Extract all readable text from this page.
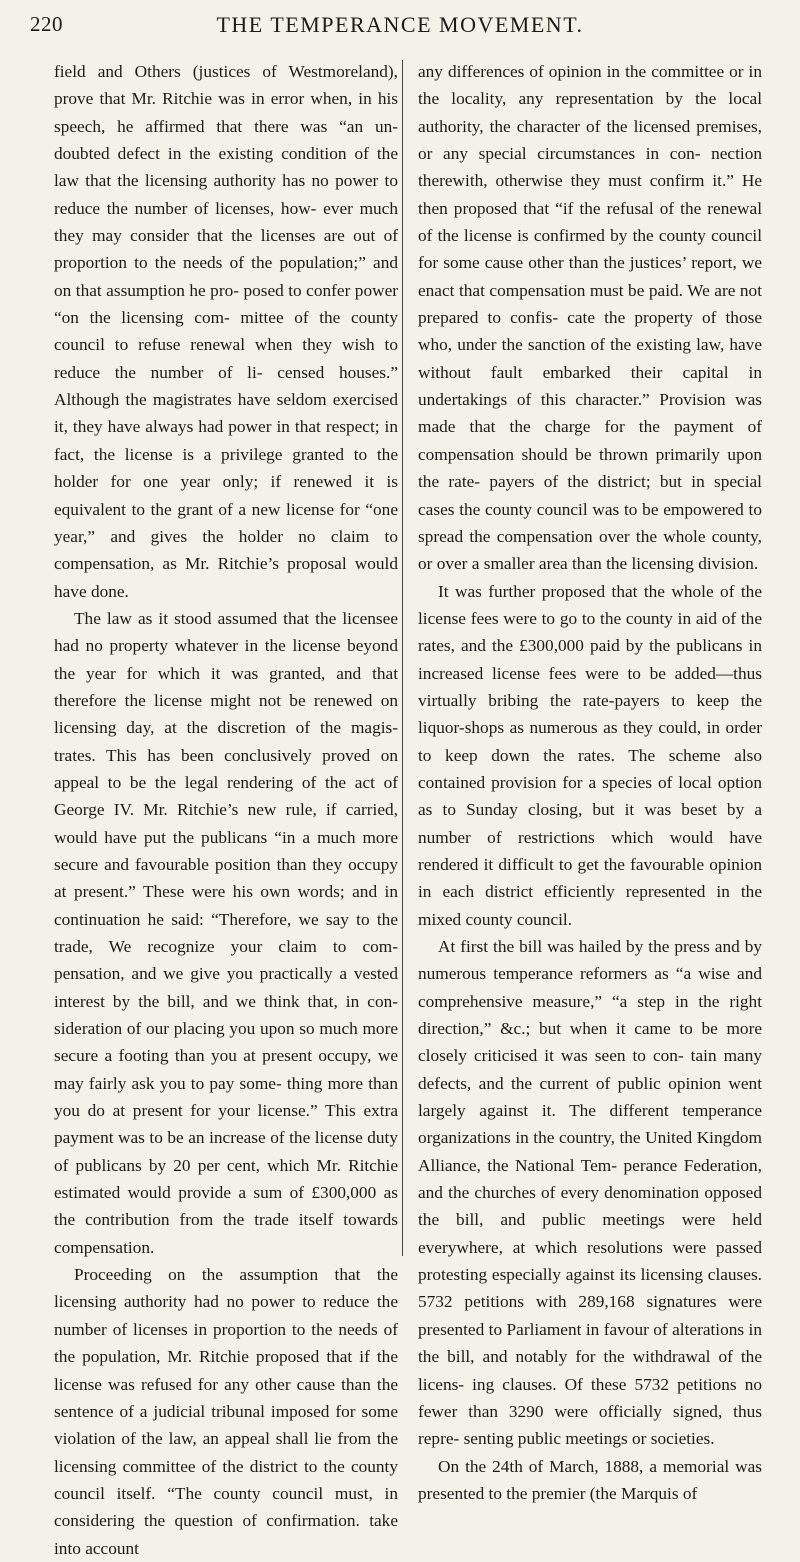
220	THE TEMPERANCE MOVEMENT.

field and Others (justices of Westmoreland), prove that Mr. Ritchie was in error when, in his speech, he affirmed that there was “an un- doubted defect in the existing condition of the law that the licensing authority has no power to reduce the number of licenses, how- ever much they may consider that the licenses are out of proportion to the needs of the population;” and on that assumption he pro- posed to confer power “on the licensing com- mittee of the county council to refuse renewal when they wish to reduce the number of li- censed houses.” Although the magistrates have seldom exercised it, they have always had power in that respect; in fact, the license is a privilege granted to the holder for one year only; if renewed it is equivalent to the grant of a new license for “one year,” and gives the holder no claim to compensation, as Mr. Ritchie’s proposal would have done.

The law as it stood assumed that the licensee had no property whatever in the license beyond the year for which it was granted, and that therefore the license might not be renewed on licensing day, at the discretion of the magis- trates. This has been conclusively proved on appeal to be the legal rendering of the act of George IV. Mr. Ritchie’s new rule, if carried, would have put the publicans “in a much more secure and favourable position than they occupy at present.” These were his own words; and in continuation he said: “Therefore, we say to the trade, We recognize your claim to com- pensation, and we give you practically a vested interest by the bill, and we think that, in con- sideration of our placing you upon so much more secure a footing than you at present occupy, we may fairly ask you to pay some- thing more than you do at present for your license.” This extra payment was to be an increase of the license duty of publicans by 20 per cent, which Mr. Ritchie estimated would provide a sum of £300,000 as the contribution from the trade itself towards compensation.

Proceeding on the assumption that the licensing authority had no power to reduce the number of licenses in proportion to the needs of the population, Mr. Ritchie proposed that if the license was refused for any other cause than the sentence of a judicial tribunal imposed for some violation of the law, an appeal shall lie from the licensing committee of the district to the county council itself. “The county council must, in considering the question of confirmation. take into account

any differences of opinion in the committee or in the locality, any representation by the local authority, the character of the licensed premises, or any special circumstances in con- nection therewith, otherwise they must confirm it.” He then proposed that “if the refusal of the renewal of the license is confirmed by the county council for some cause other than the justices’ report, we enact that compensation must be paid. We are not prepared to confis- cate the property of those who, under the sanction of the existing law, have without fault embarked their capital in undertakings of this character.” Provision was made that the charge for the payment of compensation should be thrown primarily upon the rate- payers of the district; but in special cases the county council was to be empowered to spread the compensation over the whole county, or over a smaller area than the licensing division.

It was further proposed that the whole of the license fees were to go to the county in aid of the rates, and the £300,000 paid by the publicans in increased license fees were to be added—thus virtually bribing the rate-payers to keep the liquor-shops as numerous as they could, in order to keep down the rates. The scheme also contained provision for a species of local option as to Sunday closing, but it was beset by a number of restrictions which would have rendered it difficult to get the favourable opinion in each district efficiently represented in the mixed county council.

At first the bill was hailed by the press and by numerous temperance reformers as “a wise and comprehensive measure,” “a step in the right direction,” &c.; but when it came to be more closely criticised it was seen to con- tain many defects, and the current of public opinion went largely against it. The different temperance organizations in the country, the United Kingdom Alliance, the National Tem- perance Federation, and the churches of every denomination opposed the bill, and public meetings were held everywhere, at which resolutions were passed protesting especially against its licensing clauses. 5732 petitions with 289,168 signatures were presented to Parliament in favour of alterations in the bill, and notably for the withdrawal of the licens- ing clauses. Of these 5732 petitions no fewer than 3290 were officially signed, thus repre- senting public meetings or societies.

On the 24th of March, 1888, a memorial was presented to the premier (the Marquis of
